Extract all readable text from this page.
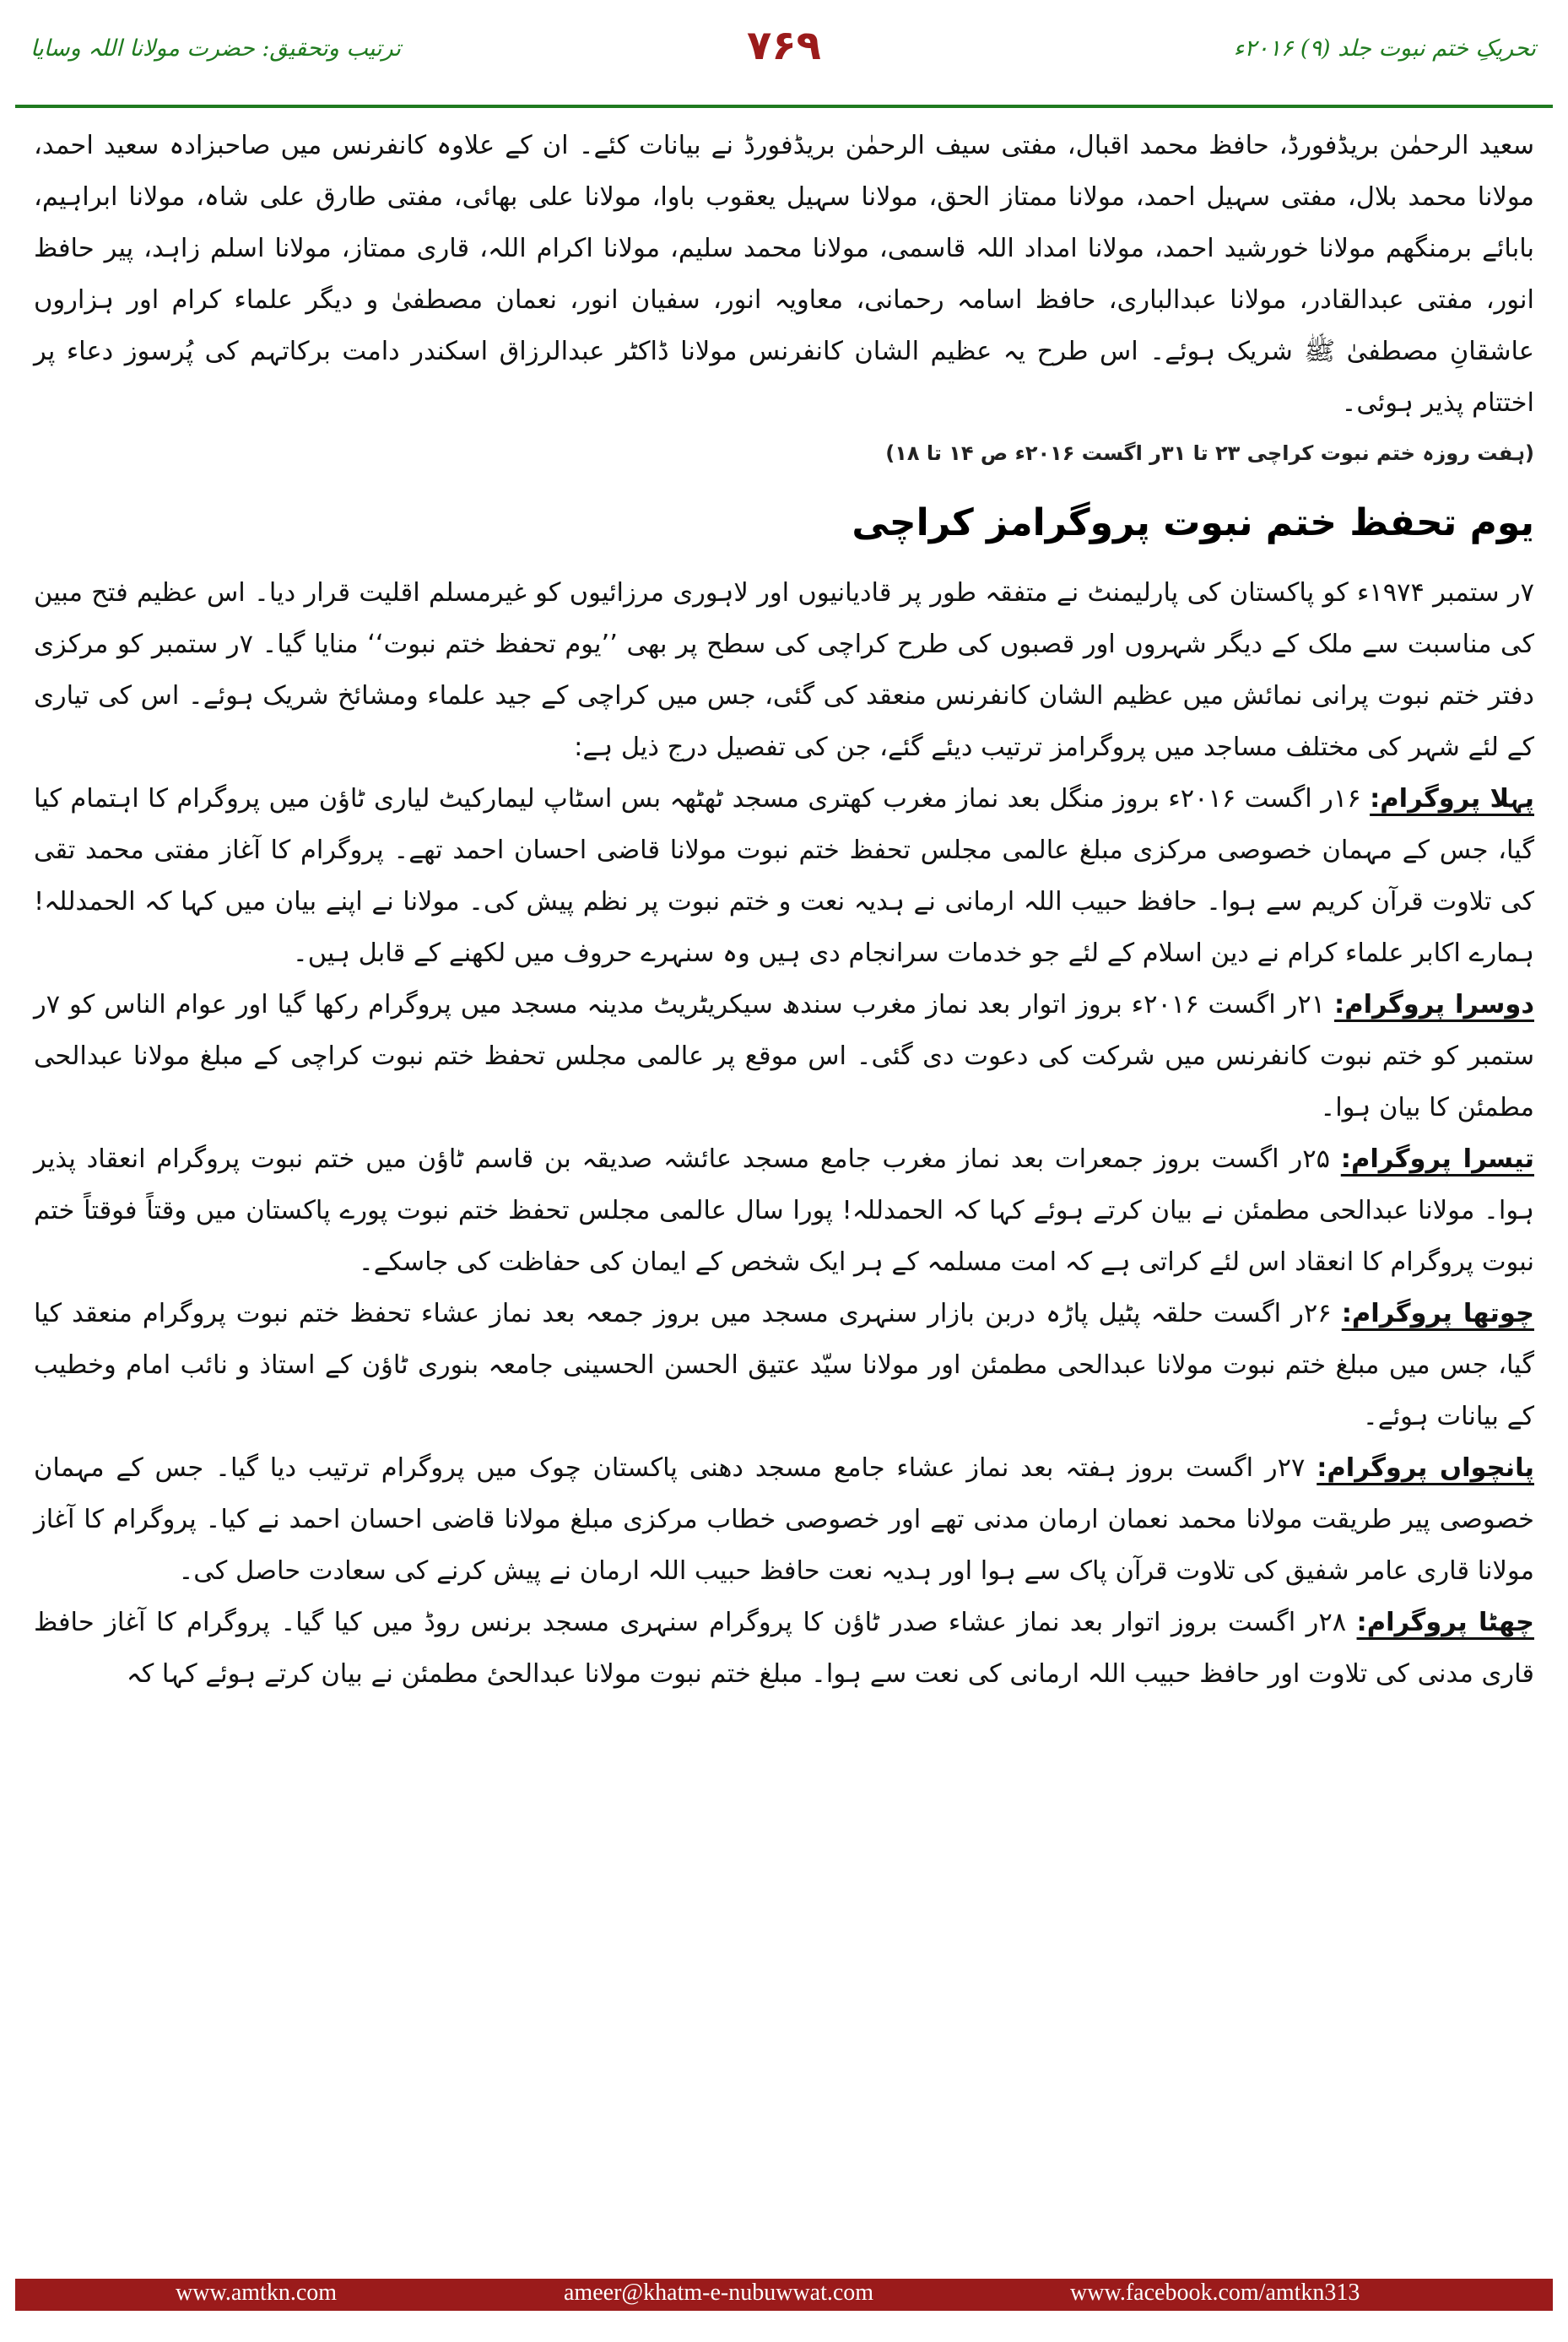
تحریکِ ختم نبوت جلد (۹) ۲۰۱۶ء
۷۶۹
ترتیب وتحقیق: حضرت مولانا اللہ وسایا

سعید الرحمٰن بریڈفورڈ، حافظ محمد اقبال، مفتی سیف الرحمٰن بریڈفورڈ نے بیانات کئے۔ ان کے علاوہ کانفرنس میں صاحبزادہ سعید احمد، مولانا محمد بلال، مفتی سہیل احمد، مولانا ممتاز الحق، مولانا سہیل یعقوب باوا، مولانا علی بھائی، مفتی طارق علی شاہ، مولانا ابراہیم، بابائے برمنگھم مولانا خورشید احمد، مولانا امداد اللہ قاسمی، مولانا محمد سلیم، مولانا اکرام اللہ، قاری ممتاز، مولانا اسلم زاہد، پیر حافظ انور، مفتی عبدالقادر، مولانا عبدالباری، حافظ اسامہ رحمانی، معاویہ انور، سفیان انور، نعمان مصطفیٰ و دیگر علماء کرام اور ہزاروں عاشقانِ مصطفیٰ ﷺ شریک ہوئے۔ اس طرح یہ عظیم الشان کانفرنس مولانا ڈاکٹر عبدالرزاق اسکندر دامت برکاتہم کی پُرسوز دعاء پر اختتام پذیر ہوئی۔

(ہفت روزہ ختم نبوت کراچی ۲۳ تا ۳۱ر اگست ۲۰۱۶ء ص ۱۴ تا ۱۸)

یوم تحفظ ختم نبوت پروگرامز کراچی

۷ر ستمبر ۱۹۷۴ء کو پاکستان کی پارلیمنٹ نے متفقہ طور پر قادیانیوں اور لاہوری مرزائیوں کو غیرمسلم اقلیت قرار دیا۔ اس عظیم فتح مبین کی مناسبت سے ملک کے دیگر شہروں اور قصبوں کی طرح کراچی کی سطح پر بھی ’’یوم تحفظ ختم نبوت‘‘ منایا گیا۔ ۷ر ستمبر کو مرکزی دفتر ختم نبوت پرانی نمائش میں عظیم الشان کانفرنس منعقد کی گئی، جس میں کراچی کے جید علماء ومشائخ شریک ہوئے۔ اس کی تیاری کے لئے شہر کی مختلف مساجد میں پروگرامز ترتیب دیئے گئے، جن کی تفصیل درج ذیل ہے:

پہلا پروگرام: ۱۶ر اگست ۲۰۱۶ء بروز منگل بعد نماز مغرب کھتری مسجد ٹھٹھہ بس اسٹاپ لیمارکیٹ لیاری ٹاؤن میں پروگرام کا اہتمام کیا گیا، جس کے مہمان خصوصی مرکزی مبلغ عالمی مجلس تحفظ ختم نبوت مولانا قاضی احسان احمد تھے۔ پروگرام کا آغاز مفتی محمد تقی کی تلاوت قرآن کریم سے ہوا۔ حافظ حبیب اللہ ارمانی نے ہدیہ نعت و ختم نبوت پر نظم پیش کی۔ مولانا نے اپنے بیان میں کہا کہ الحمدللہ! ہمارے اکابر علماء کرام نے دین اسلام کے لئے جو خدمات سرانجام دی ہیں وہ سنہرے حروف میں لکھنے کے قابل ہیں۔

دوسرا پروگرام: ۲۱ر اگست ۲۰۱۶ء بروز اتوار بعد نماز مغرب سندھ سیکریٹریٹ مدینہ مسجد میں پروگرام رکھا گیا اور عوام الناس کو ۷ر ستمبر کو ختم نبوت کانفرنس میں شرکت کی دعوت دی گئی۔ اس موقع پر عالمی مجلس تحفظ ختم نبوت کراچی کے مبلغ مولانا عبدالحی مطمئن کا بیان ہوا۔

تیسرا پروگرام: ۲۵ر اگست بروز جمعرات بعد نماز مغرب جامع مسجد عائشہ صدیقہ بن قاسم ٹاؤن میں ختم نبوت پروگرام انعقاد پذیر ہوا۔ مولانا عبدالحی مطمئن نے بیان کرتے ہوئے کہا کہ الحمدللہ! پورا سال عالمی مجلس تحفظ ختم نبوت پورے پاکستان میں وقتاً فوقتاً ختم نبوت پروگرام کا انعقاد اس لئے کراتی ہے کہ امت مسلمہ کے ہر ایک شخص کے ایمان کی حفاظت کی جاسکے۔

چوتھا پروگرام: ۲۶ر اگست حلقہ پٹیل پاڑہ دربن بازار سنہری مسجد میں بروز جمعہ بعد نماز عشاء تحفظ ختم نبوت پروگرام منعقد کیا گیا، جس میں مبلغ ختم نبوت مولانا عبدالحی مطمئن اور مولانا سیّد عتیق الحسن الحسینی جامعہ بنوری ٹاؤن کے استاذ و نائب امام وخطیب کے بیانات ہوئے۔

پانچواں پروگرام: ۲۷ر اگست بروز ہفتہ بعد نماز عشاء جامع مسجد دھنی پاکستان چوک میں پروگرام ترتیب دیا گیا۔ جس کے مہمان خصوصی پیر طریقت مولانا محمد نعمان ارمان مدنی تھے اور خصوصی خطاب مرکزی مبلغ مولانا قاضی احسان احمد نے کیا۔ پروگرام کا آغاز مولانا قاری عامر شفیق کی تلاوت قرآن پاک سے ہوا اور ہدیہ نعت حافظ حبیب اللہ ارمان نے پیش کرنے کی سعادت حاصل کی۔

چھٹا پروگرام: ۲۸ر اگست بروز اتوار بعد نماز عشاء صدر ٹاؤن کا پروگرام سنہری مسجد برنس روڈ میں کیا گیا۔ پروگرام کا آغاز حافظ قاری مدنی کی تلاوت اور حافظ حبیب اللہ ارمانی کی نعت سے ہوا۔ مبلغ ختم نبوت مولانا عبدالحیٔ مطمئن نے بیان کرتے ہوئے کہا کہ

www.amtkn.com	ameer@khatm-e-nubuwwat.com	www.facebook.com/amtkn313
